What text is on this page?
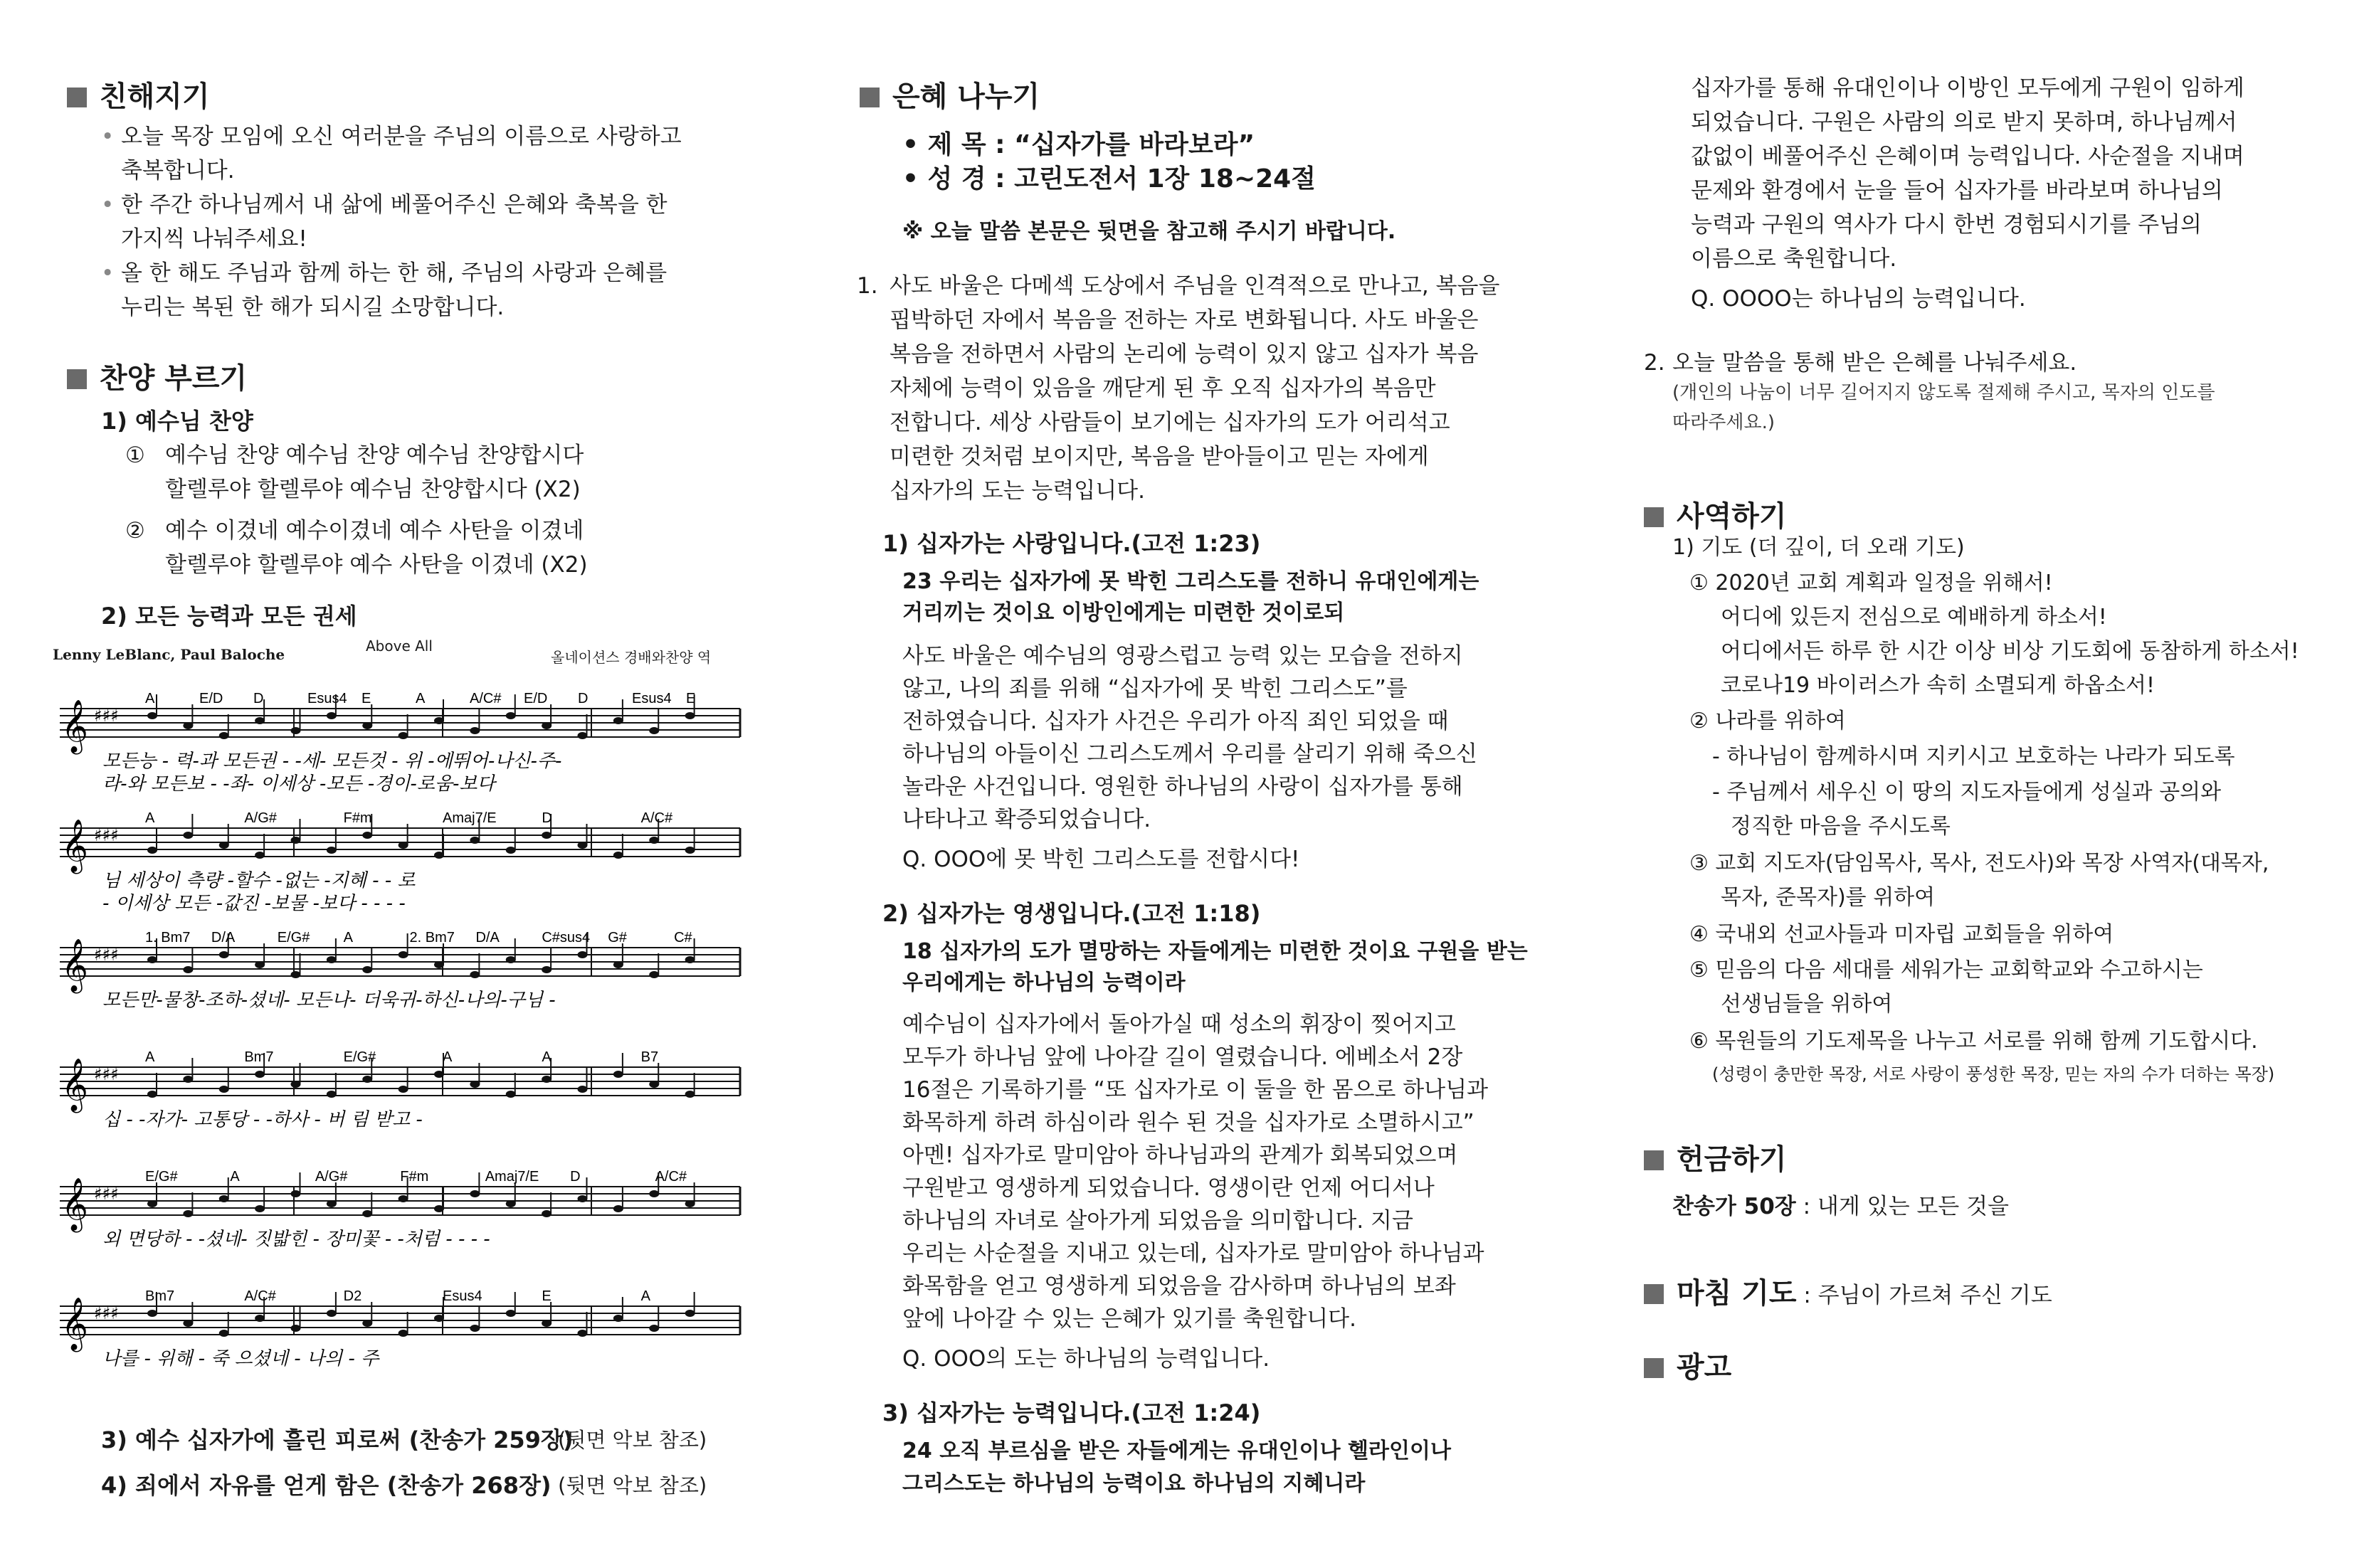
친해지기
• 오늘 목장 모임에 오신 여러분을 주님의 이름으로 사랑하고
축복합니다.
• 한 주간 하나님께서 내 삶에 베풀어주신 은혜와 축복을 한
가지씩 나눠주세요!
• 올 한 해도 주님과 함께 하는 한 해, 주님의 사랑과 은혜를
누리는 복된 한 해가 되시길 소망합니다.
찬양 부르기
1) 예수님 찬양
① 예수님 찬양 예수님 찬양 예수님 찬양합시다
할렐루야 할렐루야 예수님 찬양합시다 (X2)
② 예수 이겼네 예수이겼네 예수 사탄을 이겼네
할렐루야 할렐루야 예수 사탄을 이겼네 (X2)
2) 모든 능력과 모든 권세
Lenny LeBlanc, Paul Baloche	Above All
올네이션스 경배와찬양 역
𝄞 ♯♯♯
A	E/D D	Esus4 E	A	A/C# E/D D	Esus4 E
모든능 - 력-과 모든권 - -세- 모든것 - 위 -에뛰어-나신-주-
라-와 모든보 - -좌- 이세상 -모든 -경이-로움-보다
𝄞 ♯♯♯
A	A/G#	F#m	Amaj7/E	D	A/C#
님 세상이 측량 -할수 -없는 -지혜 - - 로
- 이세상 모든 -값진 -보물 -보다 - - - -
𝄞 ♯♯♯
1. Bm7 D/A	E/G# A	2. Bm7 D/A	C#sus4 G#	C#
모든만-물창-조하-셨네- 모든나- 더욱귀-하신-나의-구님 -
𝄞 ♯♯♯
A	Bm7	E/G#	A	A	B7
십 - -자가- 고통당 - -하사 - 버 림 받고 -
𝄞 ♯♯♯
E/G#	A	A/G#	F#m	Amaj7/E D	A/C#
외 면당하 - -셨네- 짓밟힌 - 장미꽃 - -처럼 - - - -
𝄞 ♯♯♯
Bm7	A/C#	D2	Esus4	E	A
나를 - 위해 - 죽 으셨네 - 나의 - 주
3) 예수 십자가에 흘린 피로써 (찬송가 259장)
(뒷면 악보 참조)
4) 죄에서 자유를 얻게 함은 (찬송가 268장) (뒷면 악보 참조)
은혜 나누기
• 제 목 : “십자가를 바라보라”
• 성 경 : 고린도전서 1장 18~24절
※ 오늘 말씀 본문은 뒷면을 참고해 주시기 바랍니다.
1. 사도 바울은 다메섹 도상에서 주님을 인격적으로 만나고, 복음을
핍박하던 자에서 복음을 전하는 자로 변화됩니다. 사도 바울은
복음을 전하면서 사람의 논리에 능력이 있지 않고 십자가 복음
자체에 능력이 있음을 깨닫게 된 후 오직 십자가의 복음만
전합니다. 세상 사람들이 보기에는 십자가의 도가 어리석고
미련한 것처럼 보이지만, 복음을 받아들이고 믿는 자에게
십자가의 도는 능력입니다.
1) 십자가는 사랑입니다.(고전 1:23)
23 우리는 십자가에 못 박힌 그리스도를 전하니 유대인에게는
거리끼는 것이요 이방인에게는 미련한 것이로되
사도 바울은 예수님의 영광스럽고 능력 있는 모습을 전하지
않고, 나의 죄를 위해 “십자가에 못 박힌 그리스도”를
전하였습니다. 십자가 사건은 우리가 아직 죄인 되었을 때
하나님의 아들이신 그리스도께서 우리를 살리기 위해 죽으신
놀라운 사건입니다. 영원한 하나님의 사랑이 십자가를 통해
나타나고 확증되었습니다.
Q. OOO에 못 박힌 그리스도를 전합시다!
2) 십자가는 영생입니다.(고전 1:18)
18 십자가의 도가 멸망하는 자들에게는 미련한 것이요 구원을 받는
우리에게는 하나님의 능력이라
예수님이 십자가에서 돌아가실 때 성소의 휘장이 찢어지고
모두가 하나님 앞에 나아갈 길이 열렸습니다. 에베소서 2장
16절은 기록하기를 “또 십자가로 이 둘을 한 몸으로 하나님과
화목하게 하려 하심이라 원수 된 것을 십자가로 소멸하시고”
아멘! 십자가로 말미암아 하나님과의 관계가 회복되었으며
구원받고 영생하게 되었습니다. 영생이란 언제 어디서나
하나님의 자녀로 살아가게 되었음을 의미합니다. 지금
우리는 사순절을 지내고 있는데, 십자가로 말미암아 하나님과
화목함을 얻고 영생하게 되었음을 감사하며 하나님의 보좌
앞에 나아갈 수 있는 은혜가 있기를 축원합니다.
Q. OOO의 도는 하나님의 능력입니다.
3) 십자가는 능력입니다.(고전 1:24)
24 오직 부르심을 받은 자들에게는 유대인이나 헬라인이나
그리스도는 하나님의 능력이요 하나님의 지혜니라
십자가를 통해 유대인이나 이방인 모두에게 구원이 임하게
되었습니다. 구원은 사람의 의로 받지 못하며, 하나님께서
값없이 베풀어주신 은혜이며 능력입니다. 사순절을 지내며
문제와 환경에서 눈을 들어 십자가를 바라보며 하나님의
능력과 구원의 역사가 다시 한번 경험되시기를 주님의
이름으로 축원합니다.
Q. OOOO는 하나님의 능력입니다.
2. 오늘 말씀을 통해 받은 은혜를 나눠주세요.
(개인의 나눔이 너무 길어지지 않도록 절제해 주시고, 목자의 인도를
따라주세요.)
사역하기
1) 기도 (더 깊이, 더 오래 기도)
① 2020년 교회 계획과 일정을 위해서!
어디에 있든지 전심으로 예배하게 하소서!
어디에서든 하루 한 시간 이상 비상 기도회에 동참하게 하소서!
코로나19 바이러스가 속히 소멸되게 하옵소서!
② 나라를 위하여
- 하나님이 함께하시며 지키시고 보호하는 나라가 되도록
- 주님께서 세우신 이 땅의 지도자들에게 성실과 공의와
정직한 마음을 주시도록
③ 교회 지도자(담임목사, 목사, 전도사)와 목장 사역자(대목자,
목자, 준목자)를 위하여
④ 국내외 선교사들과 미자립 교회들을 위하여
⑤ 믿음의 다음 세대를 세워가는 교회학교와 수고하시는
선생님들을 위하여
⑥ 목원들의 기도제목을 나누고 서로를 위해 함께 기도합시다.
(성령이 충만한 목장, 서로 사랑이 풍성한 목장, 믿는 자의 수가 더하는 목장)
헌금하기
찬송가 50장 : 내게 있는 모든 것을
마침 기도 : 주님이 가르쳐 주신 기도
광고
